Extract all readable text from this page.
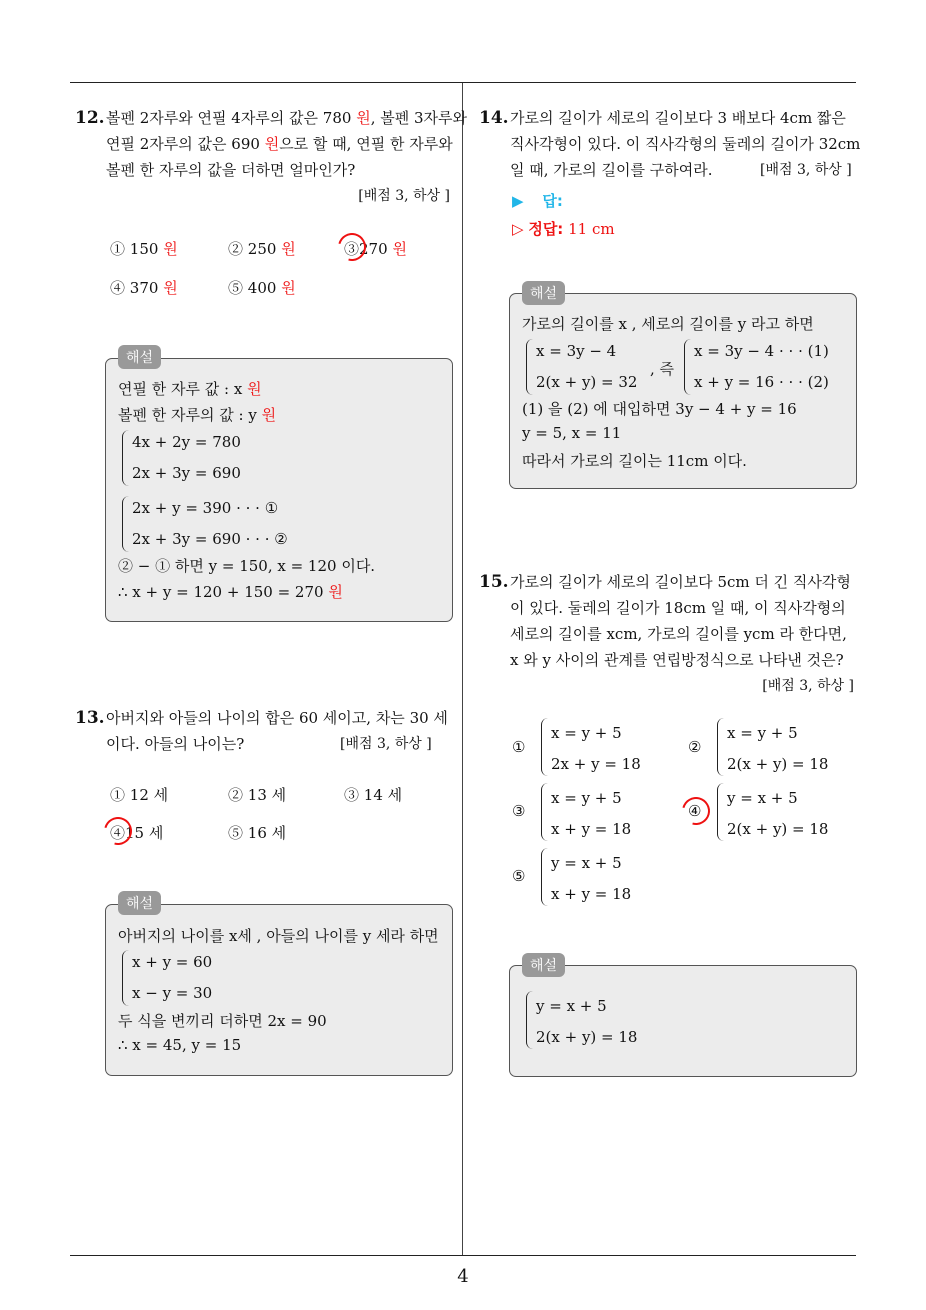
12. 볼펜 2자루와 연필 4자루의 값은 780 원, 볼펜 3자루와
연필 2자루의 값은 690 원으로 할 때, 연필 한 자루와
볼펜 한 자루의 값을 더하면 얼마인가?
[배점 3, 하상 ]
① 150 원	② 250 원	③270 원
④ 370 원	⑤ 400 원
해설
연필 한 자루 값 : x 원
볼펜 한 자루의 값 : y 원
4x + 2y = 780
2x + 3y = 690
2x + y = 390 · · · ①
2x + 3y = 690 · · · ②
② − ① 하면 y = 150, x = 120 이다.
∴ x + y = 120 + 150 = 270 원
13. 아버지와 아들의 나이의 합은 60 세이고, 차는 30 세
이다. 아들의 나이는?	[배점 3, 하상 ]
① 12 세	② 13 세	③ 14 세
④15 세	⑤ 16 세
해설
아버지의 나이를 x세 , 아들의 나이를 y 세라 하면
x + y = 60
x − y = 30
두 식을 변끼리 더하면 2x = 90
∴ x = 45, y = 15
14. 가로의 길이가 세로의 길이보다 3 배보다 4cm 짧은
직사각형이 있다. 이 직사각형의 둘레의 길이가 32cm
일 때, 가로의 길이를 구하여라.	[배점 3, 하상 ]
▶ 답:
▷ 정답: 11 cm
해설
가로의 길이를 x , 세로의 길이를 y 라고 하면
x = 3y − 4
2(x + y) = 32
, 즉
x = 3y − 4 · · · (1)
x + y = 16 · · · (2)
(1) 을 (2) 에 대입하면 3y − 4 + y = 16
y = 5, x = 11
따라서 가로의 길이는 11cm 이다.
15. 가로의 길이가 세로의 길이보다 5cm 더 긴 직사각형
이 있다. 둘레의 길이가 18cm 일 때, 이 직사각형의
세로의 길이를 xcm, 가로의 길이를 ycm 라 한다면,
x 와 y 사이의 관계를 연립방정식으로 나타낸 것은?
[배점 3, 하상 ]
①
x = y + 5
2x + y = 18
②
x = y + 5
2(x + y) = 18
③
x = y + 5
x + y = 18
④
y = x + 5
2(x + y) = 18
⑤
y = x + 5
x + y = 18
해설
y = x + 5
2(x + y) = 18
4
